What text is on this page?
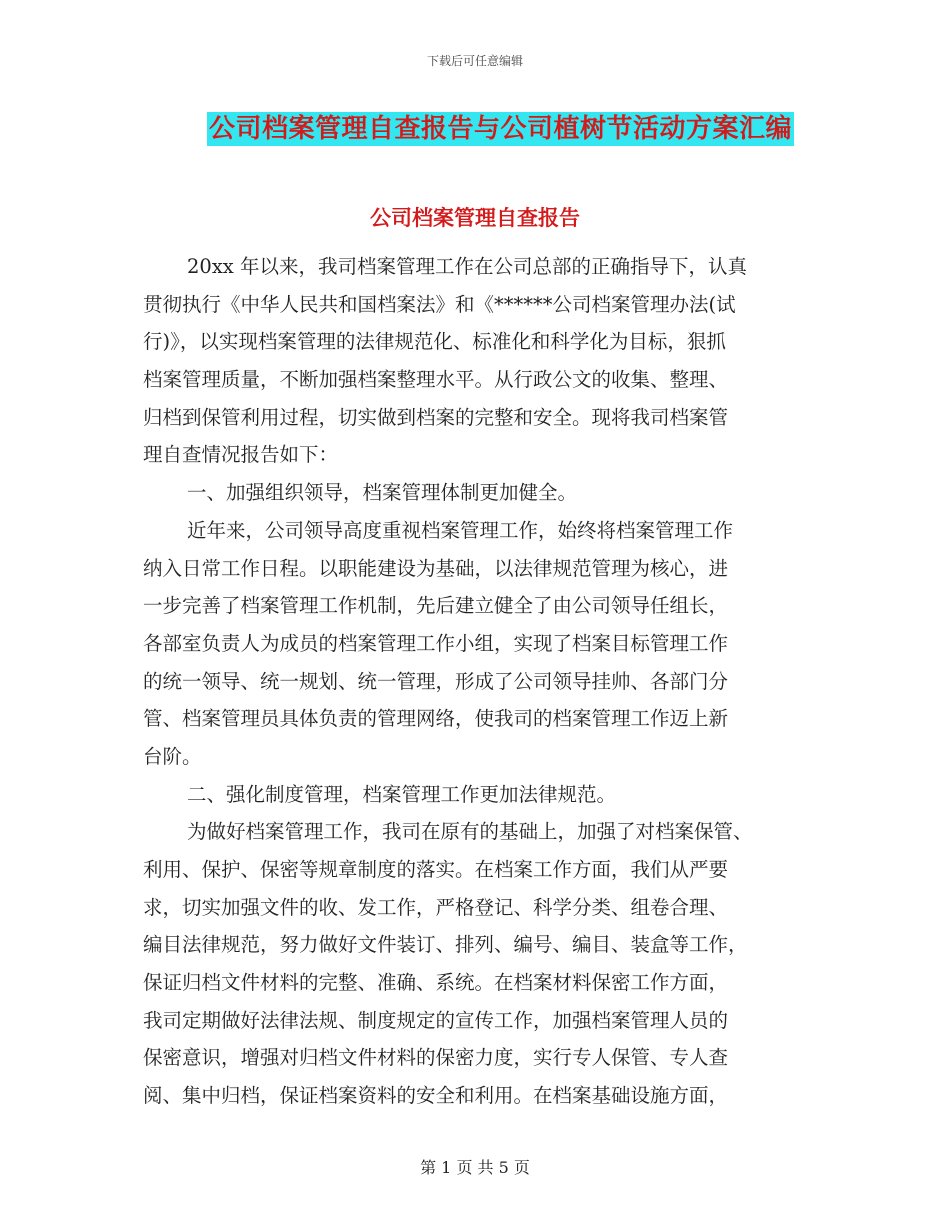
下载后可任意编辑
公司档案管理自查报告与公司植树节活动方案汇编
公司档案管理自查报告
20xx 年以来，我司档案管理工作在公司总部的正确指导下，认真
贯彻执行《中华人民共和国档案法》和《******公司档案管理办法(试
行)》，以实现档案管理的法律规范化、标准化和科学化为目标，狠抓
档案管理质量，不断加强档案整理水平。从行政公文的收集、整理、
归档到保管利用过程，切实做到档案的完整和安全。现将我司档案管
理自查情况报告如下：
一、加强组织领导，档案管理体制更加健全。
近年来，公司领导高度重视档案管理工作，始终将档案管理工作
纳入日常工作日程。以职能建设为基础，以法律规范管理为核心，进
一步完善了档案管理工作机制，先后建立健全了由公司领导任组长，
各部室负责人为成员的档案管理工作小组，实现了档案目标管理工作
的统一领导、统一规划、统一管理，形成了公司领导挂帅、各部门分
管、档案管理员具体负责的管理网络，使我司的档案管理工作迈上新
台阶。
二、强化制度管理，档案管理工作更加法律规范。
为做好档案管理工作，我司在原有的基础上，加强了对档案保管、
利用、保护、保密等规章制度的落实。在档案工作方面，我们从严要
求，切实加强文件的收、发工作，严格登记、科学分类、组卷合理、
编目法律规范，努力做好文件装订、排列、编号、编目、装盒等工作，
保证归档文件材料的完整、准确、系统。在档案材料保密工作方面，
我司定期做好法律法规、制度规定的宣传工作，加强档案管理人员的
保密意识，增强对归档文件材料的保密力度，实行专人保管、专人查
阅、集中归档，保证档案资料的安全和利用。在档案基础设施方面，
第 1 页 共 5 页
